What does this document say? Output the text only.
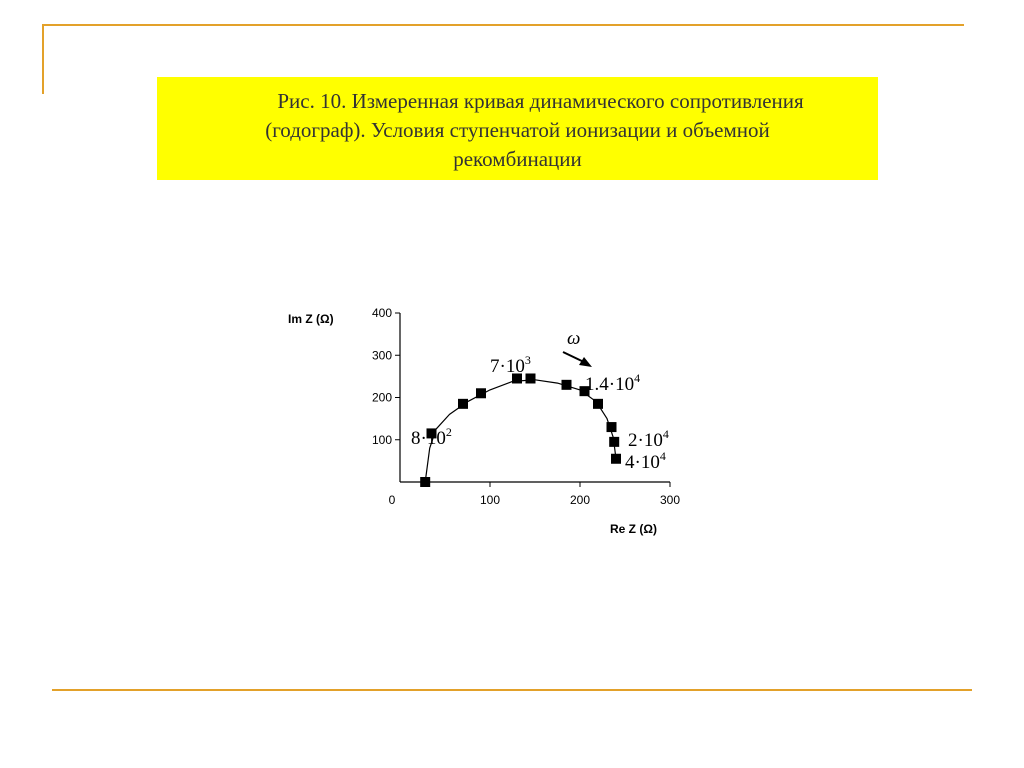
Рис. 10. Измеренная кривая динамического сопротивления
(годограф). Условия ступенчатой ионизации и объемной
рекомбинации

100
200
300
400
0	100	200	300
Im Z (Ω)
Re Z (Ω)
$8\cdot 10^2$
$7\cdot 10^3$
$1.4\cdot 10^4$
$2\cdot 10^4$
$4\cdot 10^4$
ω
